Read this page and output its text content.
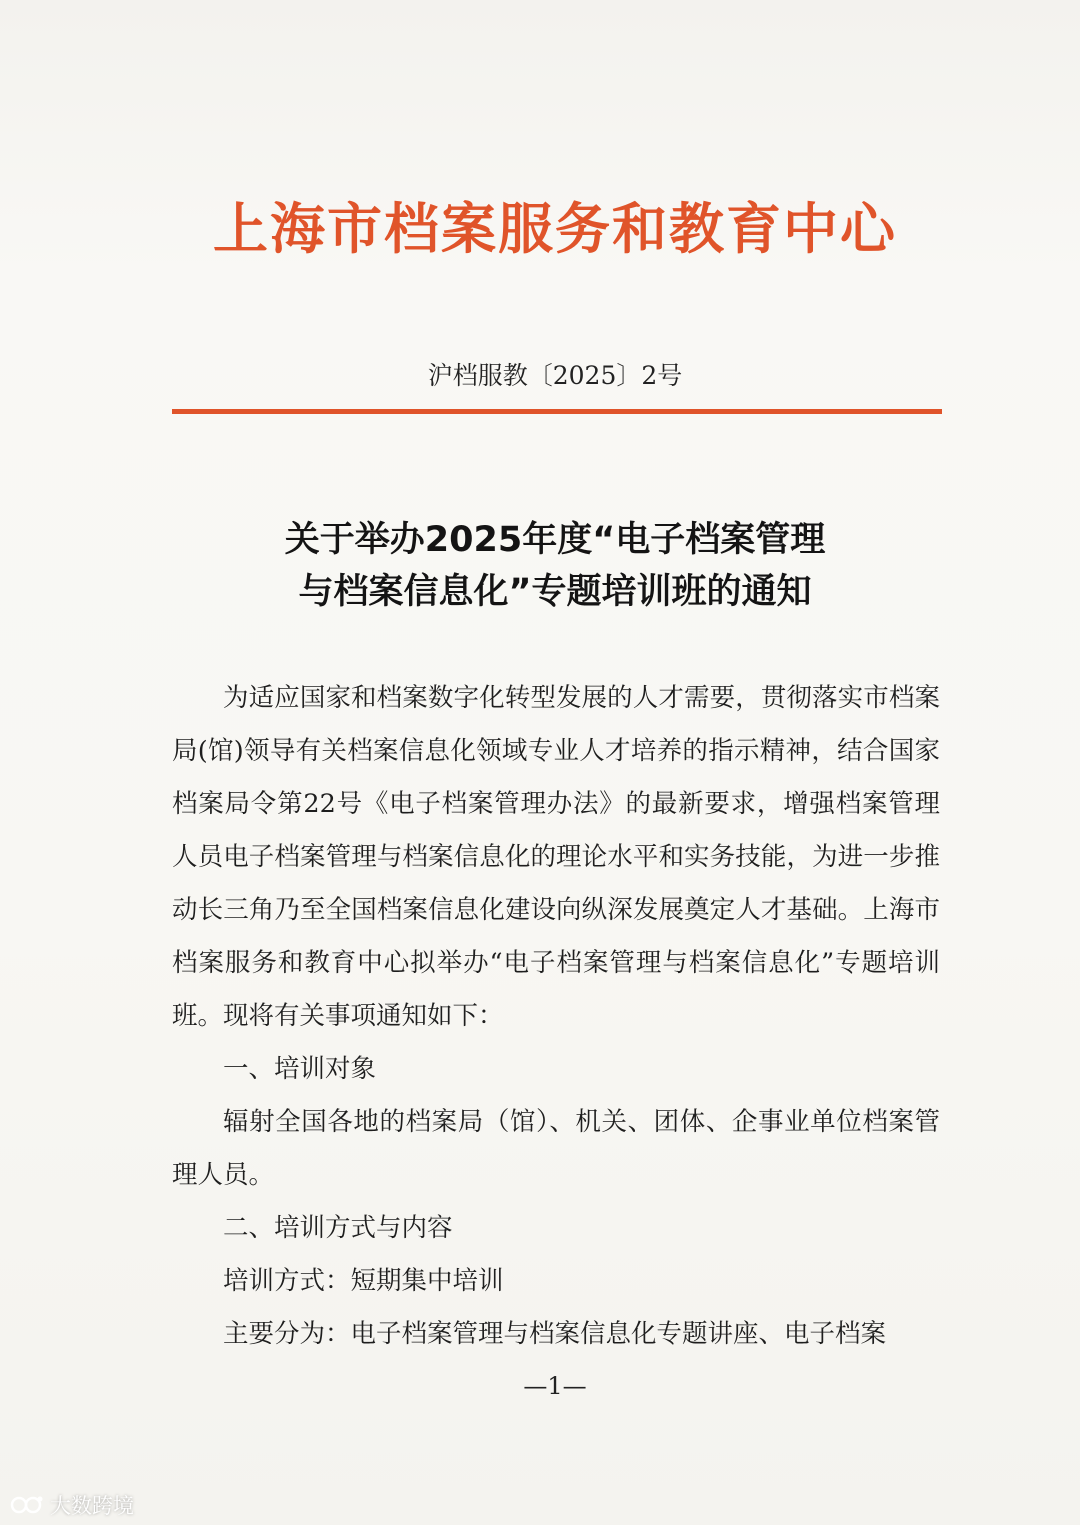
上海市档案服务和教育中心
沪档服教〔2025〕2号
关于举办2025年度“电子档案管理
与档案信息化”专题培训班的通知

为适应国家和档案数字化转型发展的人才需要，贯彻落实市档案局(馆)领导有关档案信息化领域专业人才培养的指示精神，结合国家档案局令第22号《电子档案管理办法》的最新要求，增强档案管理人员电子档案管理与档案信息化的理论水平和实务技能，为进一步推动长三角乃至全国档案信息化建设向纵深发展奠定人才基础。上海市档案服务和教育中心拟举办“电子档案管理与档案信息化”专题培训班。现将有关事项通知如下：

一、培训对象

辐射全国各地的档案局（馆）、机关、团体、企事业单位档案管理人员。

二、培训方式与内容

培训方式：短期集中培训

主要分为：电子档案管理与档案信息化专题讲座、电子档案

—1—
大数跨境
